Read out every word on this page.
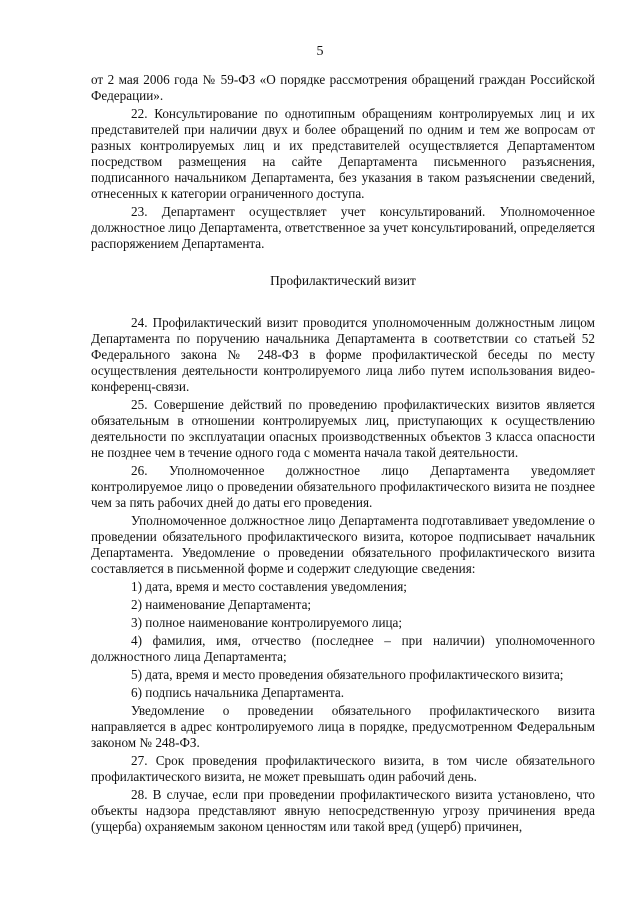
5

от 2 мая 2006 года № 59-ФЗ «О порядке рассмотрения обращений граждан Российской Федерации».

22. Консультирование по однотипным обращениям контролируемых лиц и их представителей при наличии двух и более обращений по одним и тем же вопросам от разных контролируемых лиц и их представителей осуществляется Департаментом посредством размещения на сайте Департамента письменного разъяснения, подписанного начальником Департамента, без указания в таком разъяснении сведений, отнесенных к категории ограниченного доступа.

23. Департамент осуществляет учет консультирований. Уполномоченное должностное лицо Департамента, ответственное за учет консультирований, определяется распоряжением Департамента.

Профилактический визит

24. Профилактический визит проводится уполномоченным должностным лицом Департамента по поручению начальника Департамента в соответствии со статьей 52 Федерального закона № 248-ФЗ в форме профилактической беседы по месту осуществления деятельности контролируемого лица либо путем использования видео-конференц-связи.

25. Совершение действий по проведению профилактических визитов является обязательным в отношении контролируемых лиц, приступающих к осуществлению деятельности по эксплуатации опасных производственных объектов 3 класса опасности не позднее чем в течение одного года с момента начала такой деятельности.

26. Уполномоченное должностное лицо Департамента уведомляет контролируемое лицо о проведении обязательного профилактического визита не позднее чем за пять рабочих дней до даты его проведения.

Уполномоченное должностное лицо Департамента подготавливает уведомление о проведении обязательного профилактического визита, которое подписывает начальник Департамента. Уведомление о проведении обязательного профилактического визита составляется в письменной форме и содержит следующие сведения:

1) дата, время и место составления уведомления;

2) наименование Департамента;

3) полное наименование контролируемого лица;

4) фамилия, имя, отчество (последнее – при наличии) уполномоченного должностного лица Департамента;

5) дата, время и место проведения обязательного профилактического визита;

6) подпись начальника Департамента.

Уведомление о проведении обязательного профилактического визита направляется в адрес контролируемого лица в порядке, предусмотренном Федеральным законом № 248-ФЗ.

27. Срок проведения профилактического визита, в том числе обязательного профилактического визита, не может превышать один рабочий день.

28. В случае, если при проведении профилактического визита установлено, что объекты надзора представляют явную непосредственную угрозу причинения вреда (ущерба) охраняемым законом ценностям или такой вред (ущерб) причинен,
